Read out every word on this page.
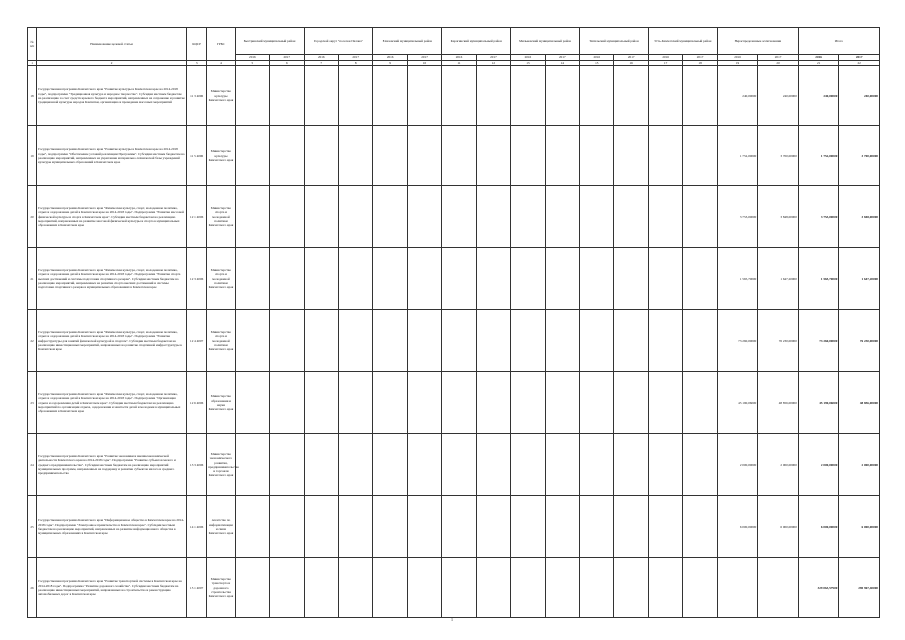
№ п/п	Наименование целевой статьи	КЦСР	ГРБС	Быстринский муниципальный район		Городской округ "поселок Палана"		Елизовский муниципальный район		Карагинский муниципальный район		Мильковский муниципальный район		Тигильский муниципальный район		Усть-Камчатский муниципальный район		Нераспределенные ассигнования		Итого	
				2016	2017	2016	2017	2016	2017	2016	2017	2016	2017	2016	2017	2016	2017	2016	2017	2016	2017
1	2	3	4	5	6	7	8	9	10	11	12	13	14	15	16	17	18	19	20	21	22
18	Государственная программа Камчатского края "Развитие культуры в Камчатском крае на 2014-2018 годы", подпрограмма "Традиционная культура и народное творчество". Субсидии местным бюджетам на реализацию за счет средств краевого бюджета мероприятий, направленных на сохранение и развитие традиционной культуры народов Камчатки, организацию и проведение массовых мероприятий	11 3 4006	Министерство культуры Камчатского края															240,00000	240,00000	240,00000	240,00000
19	Государственная программа Камчатского края "Развитие культуры в Камчатском крае на 2014-2018 годы", подпрограмма "Обеспечение условий реализации Программы". Субсидии местным бюджетам на реализацию мероприятий, направленных на укрепление материально-технической базы учреждений культуры муниципальных образований в Камчатском крае	11 5 4006	Министерство культуры Камчатского края															1 752,00000	3 700,00000	1 752,00000	3 700,00000
20	Государственная программа Камчатского края "Физическая культура, спорт, молодежная политика, отдых и оздоровление детей в Камчатском крае на 2014-2018 годы". Подпрограмма "Развитие массовой физической культуры и спорта в Камчатском крае". Субсидии местным бюджетам на реализацию мероприятий, направленных на развитие массовой физической культуры и спорта в муниципальных образованиях в Камчатском крае	12 1 4006	Министерство спорта и молодежной политики Камчатского края															3 753,00000	3 848,00000	3 753,00000	3 848,00000
21	Государственная программа Камчатского края "Физическая культура, спорт, молодежная политика, отдых и оздоровление детей в Камчатском крае на 2014-2018 годы". Подпрограмма "Развитие спорта высших достижений и системы подготовки спортивного резерва". Субсидии местным бюджетам на реализацию мероприятий, направленных на развитие спорта высших достижений и системы подготовки спортивного резерва в муниципальных образованиях в Камчатском крае	12 3 4006	Министерство спорта и молодежной политики Камчатского края															1 565,70000	1 647,20000	1 565,70000	1 647,20000
22	Государственная программа Камчатского края "Физическая культура, спорт, молодежная политика, отдых и оздоровление детей в Камчатском крае на 2014-2018 годы". Подпрограмма "Развитие инфраструктуры для занятий физической культурой и спортом". Субсидии местным бюджетам на реализацию инвестиционных мероприятий, направленных на развитие спортивной инфраструктуры в Камчатском крае	12 4 4007	Министерство спорта и молодежной политики Камчатского края															73 260,00000	76 230,00000	73 260,00000	76 230,00000
23	Государственная программа Камчатского края "Физическая культура, спорт, молодежная политика, отдых и оздоровление детей в Камчатском крае на 2014-2018 годы". Подпрограмма "Организация отдыха и оздоровления детей в Камчатском крае". Субсидии местным бюджетам на реализацию мероприятий по организации отдыха, оздоровления и занятости детей и молодежи в муниципальных образованиях в Камчатском крае	12 6 4006	Министерство образования и науки Камчатского края															45 190,06000	48 856,00000	45 190,06000	48 856,00000
24	Государственная программа Камчатского края "Развитие экономики и внешнеэкономической деятельности Камчатского края на 2014-2018 годы". Подпрограмма "Развитие субъектов малого и среднего предпринимательства". Субсидии местным бюджетам на реализацию мероприятий муниципальных программ, направленных на поддержку и развитие субъектов малого и среднего предпринимательства	13 3 4006	Министерство экономического развития, предпринимательства и торговли Камчатского края															2 000,00000	2 000,00000	2 000,00000	2 000,00000
25	Государственная программа Камчатского края "Информационное общество в Камчатском крае на 2014-2018 годы". Подпрограмма "Электронное правительство в Камчатском крае". Субсидии местным бюджетам на реализацию мероприятий, направленных на развитие информационного общества в муниципальных образованиях в Камчатском крае	14 1 4006	Агентство по информатизации и связи Камчатского края															6 000,00000	6 000,00000	6 000,00000	6 000,00000
26	Государственная программа Камчатского края "Развитие транспортной системы в Камчатском крае на 2014-2018 годы". Подпрограмма "Развитие дорожного хозяйства". Субсидии местным бюджетам на реализацию инвестиционных мероприятий, направленных на строительство и реконструкцию автомобильных дорог в Камчатском крае	15 1 4007	Министерство транспорта и дорожного строительства Камчатского края																	329 063,57900	290 967,40000
1
